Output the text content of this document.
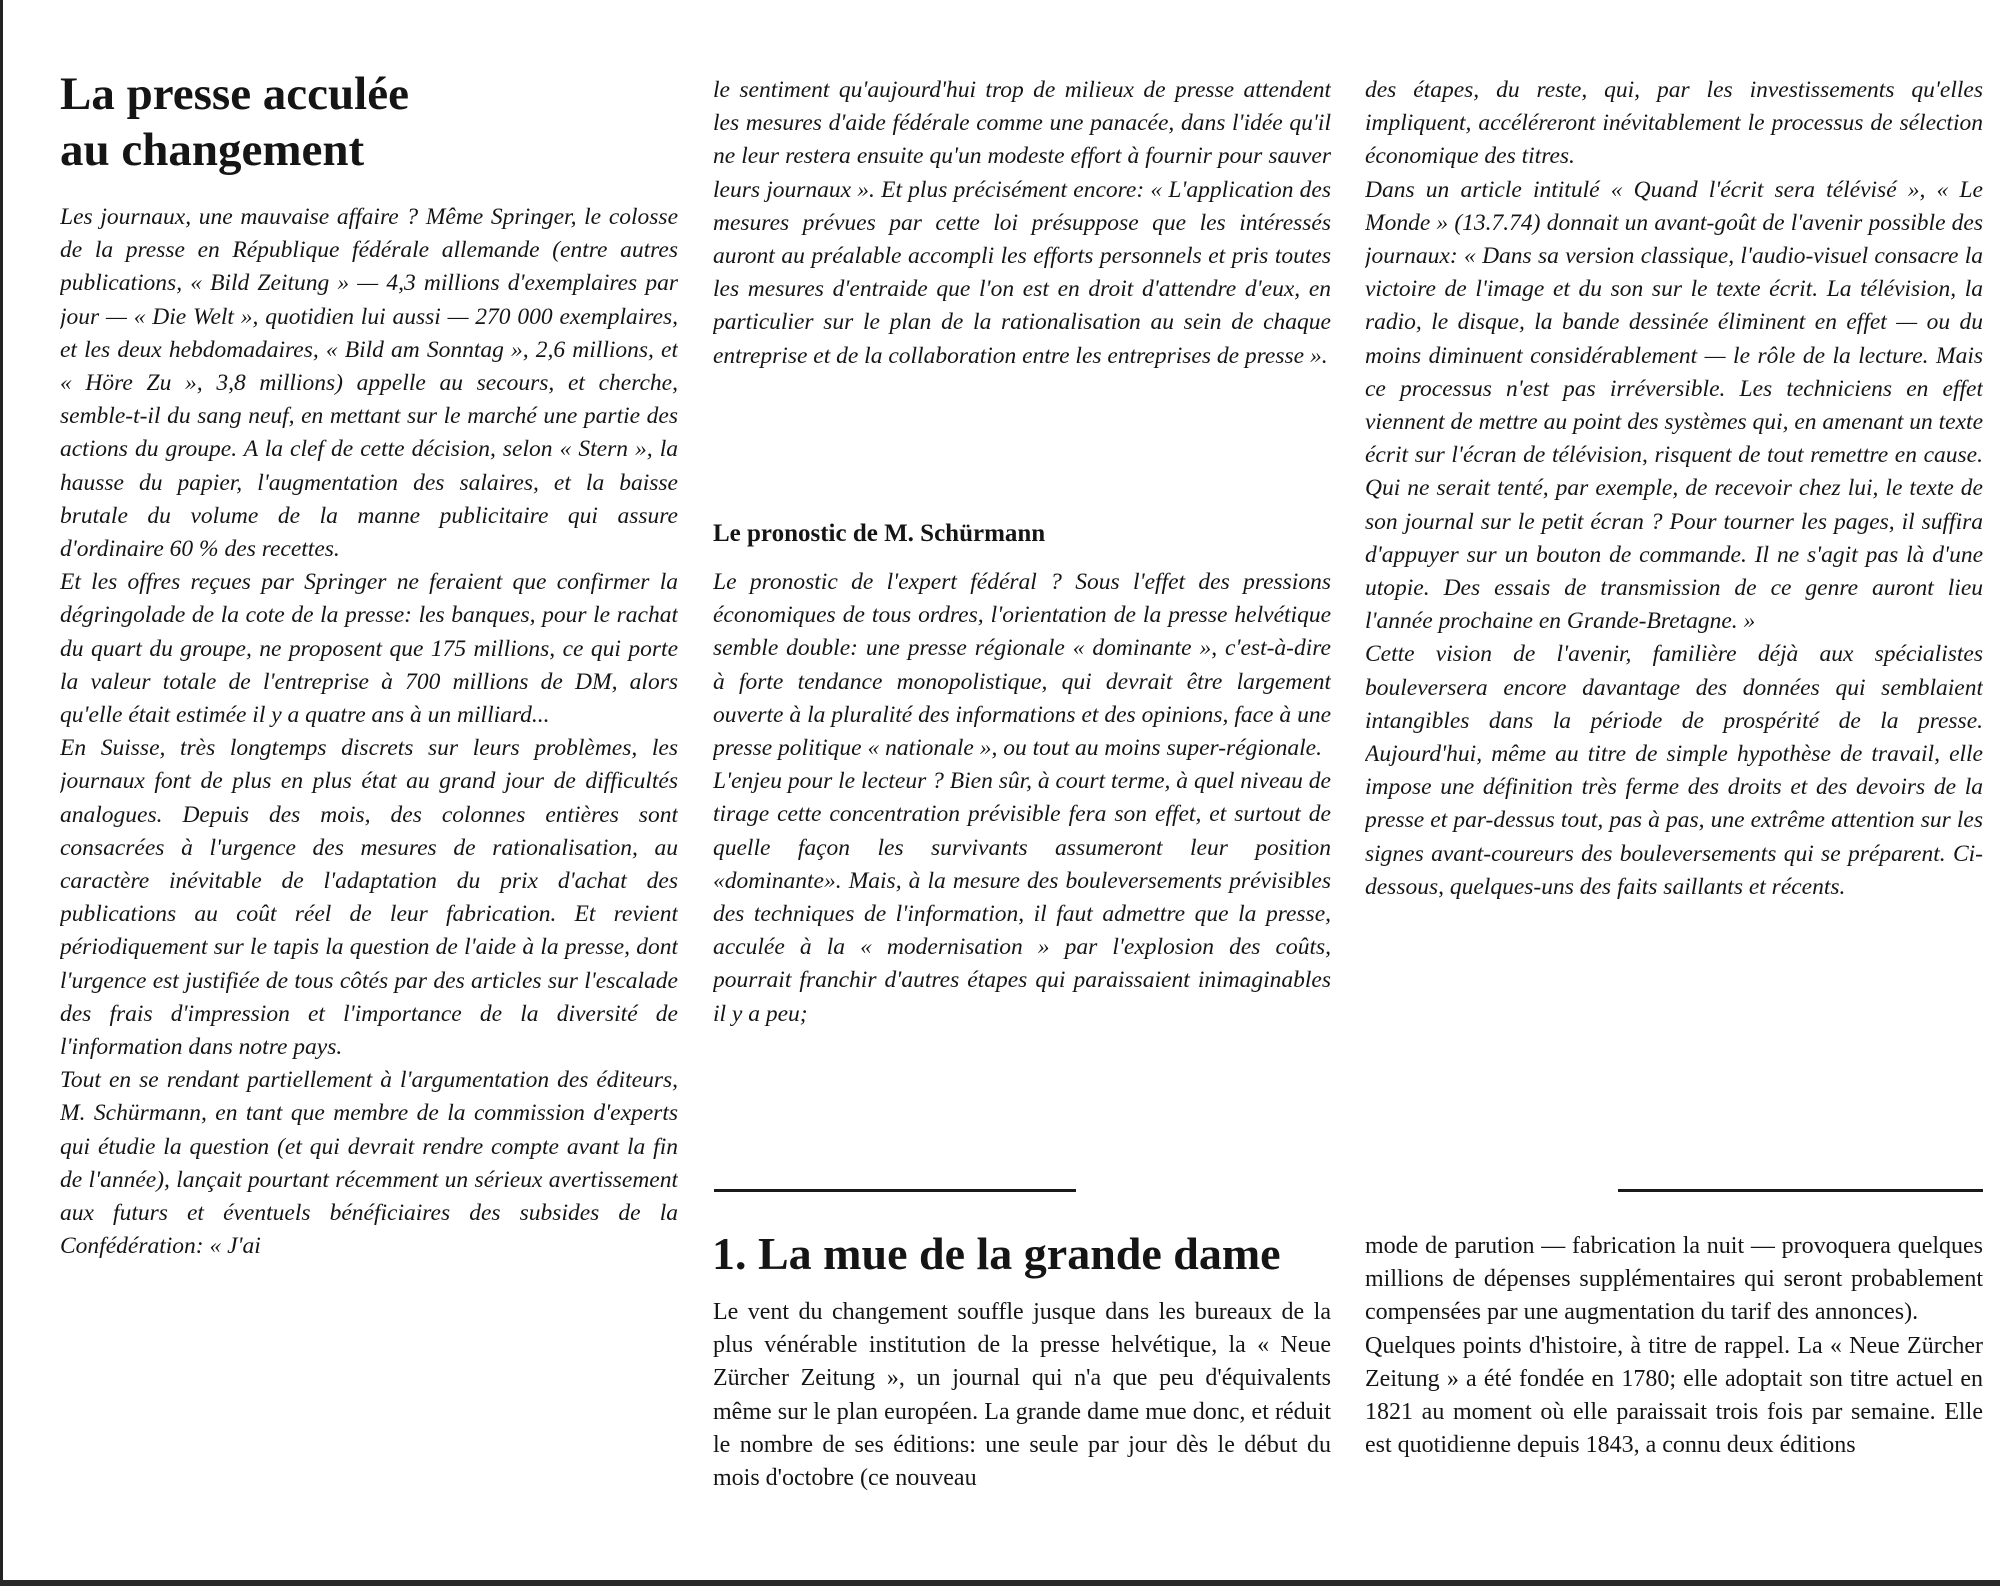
La presse acculée
au changement

Les journaux, une mauvaise affaire ? Même Springer, le colosse de la presse en République fédérale allemande (entre autres publications, « Bild Zeitung » — 4,3 millions d'exemplaires par jour — « Die Welt », quotidien lui aussi — 270 000 exemplaires, et les deux hebdomadaires, « Bild am Sonntag », 2,6 millions, et « Höre Zu », 3,8 millions) appelle au secours, et cherche, semble-t-il du sang neuf, en mettant sur le marché une partie des actions du groupe. A la clef de cette décision, selon « Stern », la hausse du papier, l'augmentation des salaires, et la baisse brutale du volume de la manne publicitaire qui assure d'ordinaire 60 % des recettes.

Et les offres reçues par Springer ne feraient que confirmer la dégringolade de la cote de la presse: les banques, pour le rachat du quart du groupe, ne proposent que 175 millions, ce qui porte la valeur totale de l'entreprise à 700 millions de DM, alors qu'elle était estimée il y a quatre ans à un milliard...

En Suisse, très longtemps discrets sur leurs problèmes, les journaux font de plus en plus état au grand jour de difficultés analogues. Depuis des mois, des colonnes entières sont consacrées à l'urgence des mesures de rationalisation, au caractère inévitable de l'adaptation du prix d'achat des publications au coût réel de leur fabrication. Et revient périodiquement sur le tapis la question de l'aide à la presse, dont l'urgence est justifiée de tous côtés par des articles sur l'escalade des frais d'impression et l'importance de la diversité de l'information dans notre pays.

Tout en se rendant partiellement à l'argumentation des éditeurs, M. Schürmann, en tant que membre de la commission d'experts qui étudie la question (et qui devrait rendre compte avant la fin de l'année), lançait pourtant récemment un sérieux avertissement aux futurs et éventuels bénéficiaires des subsides de la Confédération: « J'ai

le sentiment qu'aujourd'hui trop de milieux de presse attendent les mesures d'aide fédérale comme une panacée, dans l'idée qu'il ne leur restera ensuite qu'un modeste effort à fournir pour sauver leurs journaux ». Et plus précisément encore: « L'application des mesures prévues par cette loi présuppose que les intéressés auront au préalable accompli les efforts personnels et pris toutes les mesures d'entraide que l'on est en droit d'attendre d'eux, en particulier sur le plan de la rationalisation au sein de chaque entreprise et de la collaboration entre les entreprises de presse ».

Le pronostic de M. Schürmann

Le pronostic de l'expert fédéral ? Sous l'effet des pressions économiques de tous ordres, l'orientation de la presse helvétique semble double: une presse régionale « dominante », c'est-à-dire à forte tendance monopolistique, qui devrait être largement ouverte à la pluralité des informations et des opinions, face à une presse politique « nationale », ou tout au moins super-régionale.

L'enjeu pour le lecteur ? Bien sûr, à court terme, à quel niveau de tirage cette concentration prévisible fera son effet, et surtout de quelle façon les survivants assumeront leur position «dominante». Mais, à la mesure des bouleversements prévisibles des techniques de l'information, il faut admettre que la presse, acculée à la « modernisation » par l'explosion des coûts, pourrait franchir d'autres étapes qui paraissaient inimaginables il y a peu;

des étapes, du reste, qui, par les investissements qu'elles impliquent, accéléreront inévitablement le processus de sélection économique des titres.

Dans un article intitulé « Quand l'écrit sera télévisé », « Le Monde » (13.7.74) donnait un avant-goût de l'avenir possible des journaux: « Dans sa version classique, l'audio-visuel consacre la victoire de l'image et du son sur le texte écrit. La télévision, la radio, le disque, la bande dessinée éliminent en effet — ou du moins diminuent considérablement — le rôle de la lecture. Mais ce processus n'est pas irréversible. Les techniciens en effet viennent de mettre au point des systèmes qui, en amenant un texte écrit sur l'écran de télévision, risquent de tout remettre en cause. Qui ne serait tenté, par exemple, de recevoir chez lui, le texte de son journal sur le petit écran ? Pour tourner les pages, il suffira d'appuyer sur un bouton de commande. Il ne s'agit pas là d'une utopie. Des essais de transmission de ce genre auront lieu l'année prochaine en Grande-Bretagne. »

Cette vision de l'avenir, familière déjà aux spécialistes bouleversera encore davantage des données qui semblaient intangibles dans la période de prospérité de la presse. Aujourd'hui, même au titre de simple hypothèse de travail, elle impose une définition très ferme des droits et des devoirs de la presse et par-dessus tout, pas à pas, une extrême attention sur les signes avant-coureurs des bouleversements qui se préparent. Ci-dessous, quelques-uns des faits saillants et récents.

1. La mue de la grande dame

Le vent du changement souffle jusque dans les bureaux de la plus vénérable institution de la presse helvétique, la « Neue Zürcher Zeitung », un journal qui n'a que peu d'équivalents même sur le plan européen. La grande dame mue donc, et réduit le nombre de ses éditions: une seule par jour dès le début du mois d'octobre (ce nouveau

mode de parution — fabrication la nuit — provoquera quelques millions de dépenses supplémentaires qui seront probablement compensées par une augmentation du tarif des annonces).

Quelques points d'histoire, à titre de rappel. La « Neue Zürcher Zeitung » a été fondée en 1780; elle adoptait son titre actuel en 1821 au moment où elle paraissait trois fois par semaine. Elle est quotidienne depuis 1843, a connu deux éditions
